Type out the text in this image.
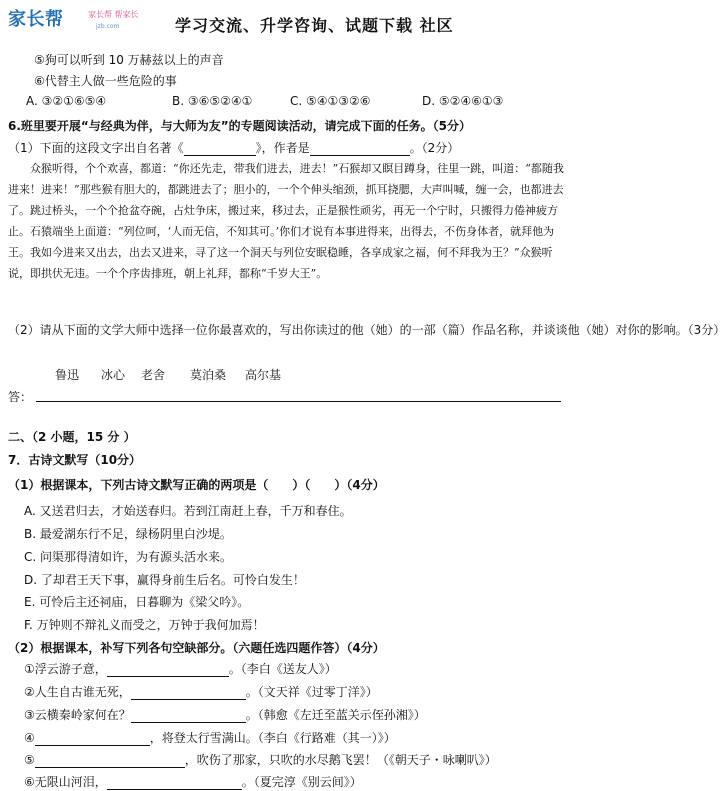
家长帮	家长帮 帮家长
jzb.com	学习交流、升学咨询、试题下载 社区
⑤狗可以听到 10 万赫兹以上的声音
⑥代替主人做一些危险的事
A. ③②①⑥⑤④	B. ③⑥⑤②④①	C. ⑤④①③②⑥	D. ⑤②④⑥①③
6.班里要开展“与经典为伴，与大师为友”的专题阅读活动，请完成下面的任务。（5分）
（1）下面的这段文字出自名著《	》，作者是	。（2分）
众猴听得，个个欢喜，都道：“你还先走，带我们进去，进去！”石猴却又瞑目蹲身，往里一跳，叫道：“都随我进来！进来！”那些猴有胆大的，都跳进去了；胆小的，一个个伸头缩颈，抓耳挠腮，大声叫喊，缠一会，也都进去了。跳过桥头，一个个抢盆夺碗，占灶争床，搬过来，移过去，正是猴性顽劣，再无一个宁时，只搬得力倦神疲方止。石猿端坐上面道：“列位呵，‘人而无信，不知其可。’你们才说有本事进得来，出得去，不伤身体者，就拜他为王。我如今进来又出去，出去又进来，寻了这一个洞天与列位安眠稳睡，各享成家之福，何不拜我为王？”众猴听说，即拱伏无违。一个个序齿排班，朝上礼拜，都称“千岁大王”。
（2）请从下面的文学大师中选择一位你最喜欢的，写出你读过的他（她）的一部（篇）作品名称，并谈谈他（她）对你的影响。（3分）
鲁迅 冰心 老舍 莫泊桑 高尔基
答：
二、（2 小题，15 分 ）
7．古诗文默写（10分）
（1）根据课本，下列古诗文默写正确的两项是（　　）（　　）（4分）
A. 又送君归去，才始送春归。若到江南赶上春，千万和春住。
B. 最爱湖东行不足，绿杨阴里白沙堤。
C. 问渠那得清如许，为有源头活水来。
D. 了却君王天下事，赢得身前生后名。可怜白发生！
E. 可怜后主还祠庙，日暮聊为《梁父吟》。
F. 万钟则不辩礼义而受之，万钟于我何加焉！
（2）根据课本，补写下列各句空缺部分。（六题任选四题作答）（4分）
①浮云游子意，	。（李白《送友人》）
②人生自古谁无死，	。（文天祥《过零丁洋》）
③云横秦岭家何在？	。（韩愈《左迁至蓝关示侄孙湘》）
④	，将登太行雪满山。（李白《行路难（其一）》）
⑤	，吹伤了那家，只吹的水尽鹅飞罢！（《朝天子・咏喇叭》）
⑥无限山河泪，	。（夏完淳《别云间》）
